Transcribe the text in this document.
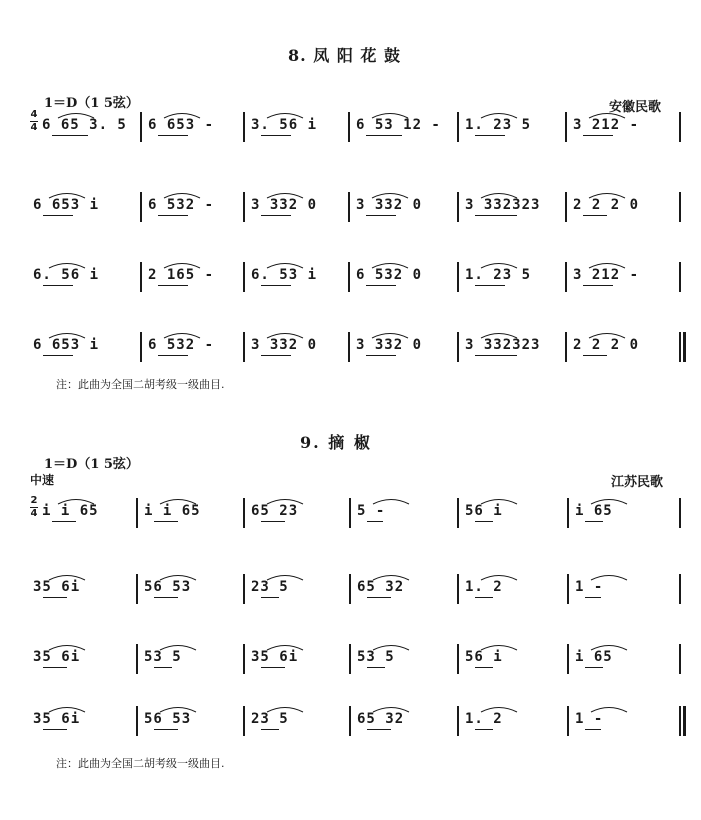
8. 凤 阳 花 鼓
1＝D（1 5弦）	安徽民歌
4
4 6 65 3. 5 6 653 -	3. 56 i	6 53 12 - 1. 23 5	3 212 -
6 653 i	6 532 -	3 332 0	3 332 0	3 332323 2 2 2 0
6. 56 i	2 165 -	6. 53 i	6 532 0	1. 23 5	3 212 -
6 653 i	6 532 -	3 332 0	3 332 0	3 332323 2 2 2 0
注：此曲为全国二胡考级一级曲目.
9. 摘 椒
1＝D（1 5弦）
中速	江苏民歌
2
4 i i 65	i i 65	65 23	5 -	56 i	i 65
35 6i	56 53	23 5	65 32	1. 2	1 -
35 6i	53 5	35 6i	53 5	56 i	i 65
35 6i	56 53	23 5	65 32	1. 2	1 -
注：此曲为全国二胡考级一级曲目.
